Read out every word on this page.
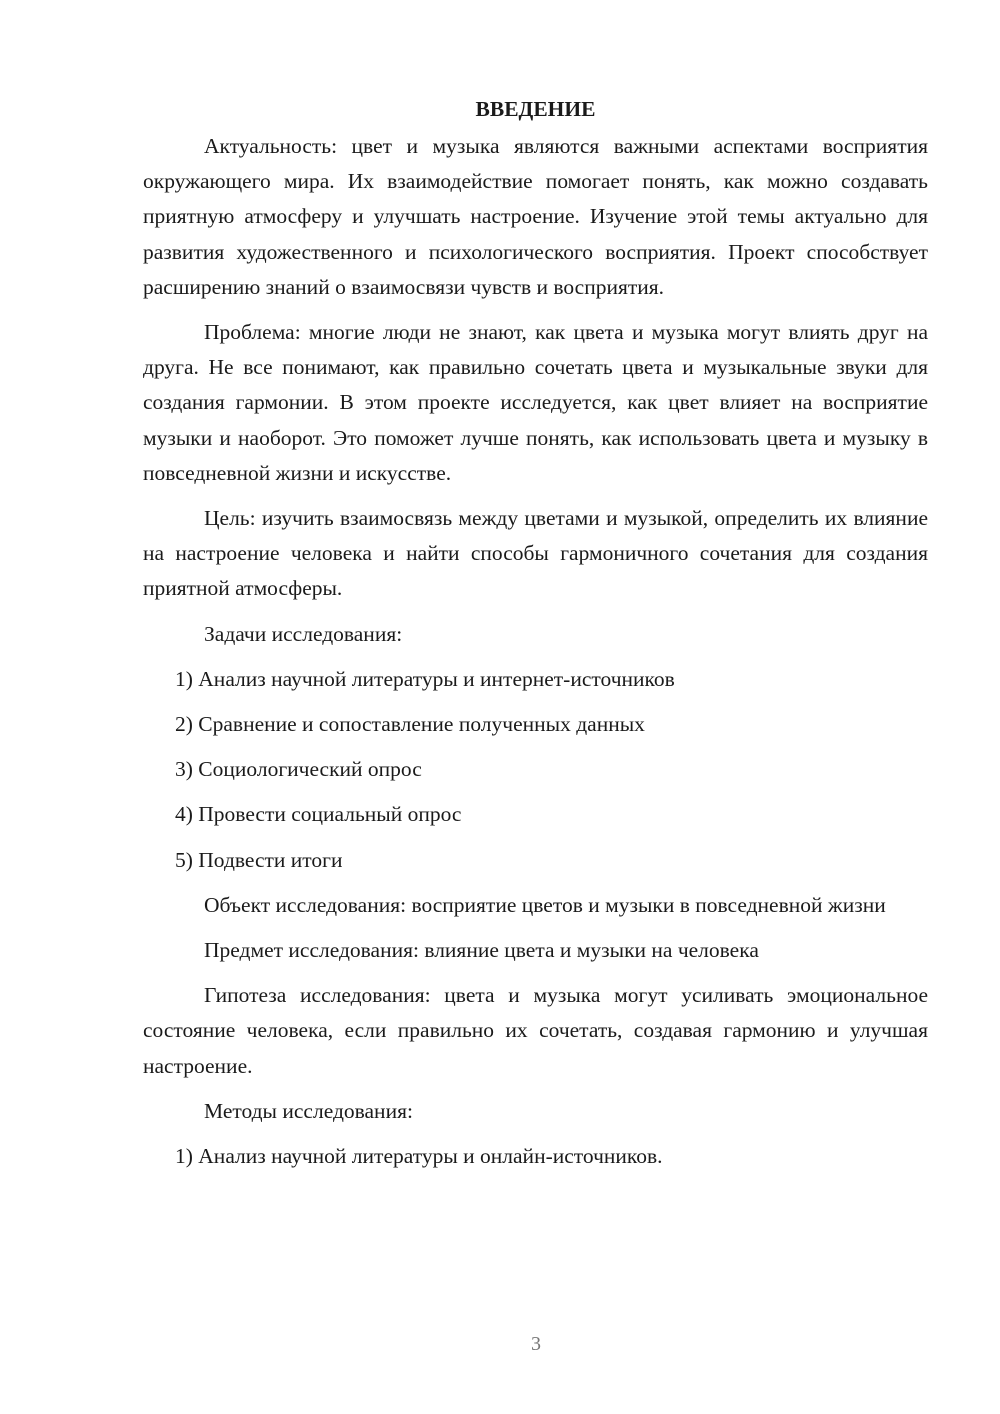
ВВЕДЕНИЕ

Актуальность: цвет и музыка являются важными аспектами восприятия окружающего мира. Их взаимодействие помогает понять, как можно создавать приятную атмосферу и улучшать настроение. Изучение этой темы актуально для развития художественного и психологического восприятия. Проект способствует расширению знаний о взаимосвязи чувств и восприятия.

Проблема: многие люди не знают, как цвета и музыка могут влиять друг на друга. Не все понимают, как правильно сочетать цвета и музыкальные звуки для создания гармонии. В этом проекте исследуется, как цвет влияет на восприятие музыки и наоборот. Это поможет лучше понять, как использовать цвета и музыку в повседневной жизни и искусстве.

Цель: изучить взаимосвязь между цветами и музыкой, определить их влияние на настроение человека и найти способы гармоничного сочетания для создания приятной атмосферы.

Задачи исследования:

1) Анализ научной литературы и интернет-источников
2) Сравнение и сопоставление полученных данных
3) Социологический опрос
4) Провести социальный опрос
5) Подвести итоги

Объект исследования: восприятие цветов и музыки в повседневной жизни

Предмет исследования: влияние цвета и музыки на человека

Гипотеза исследования: цвета и музыка могут усиливать эмоциональное состояние человека, если правильно их сочетать, создавая гармонию и улучшая настроение.

Методы исследования:

1) Анализ научной литературы и онлайн-источников.
3
